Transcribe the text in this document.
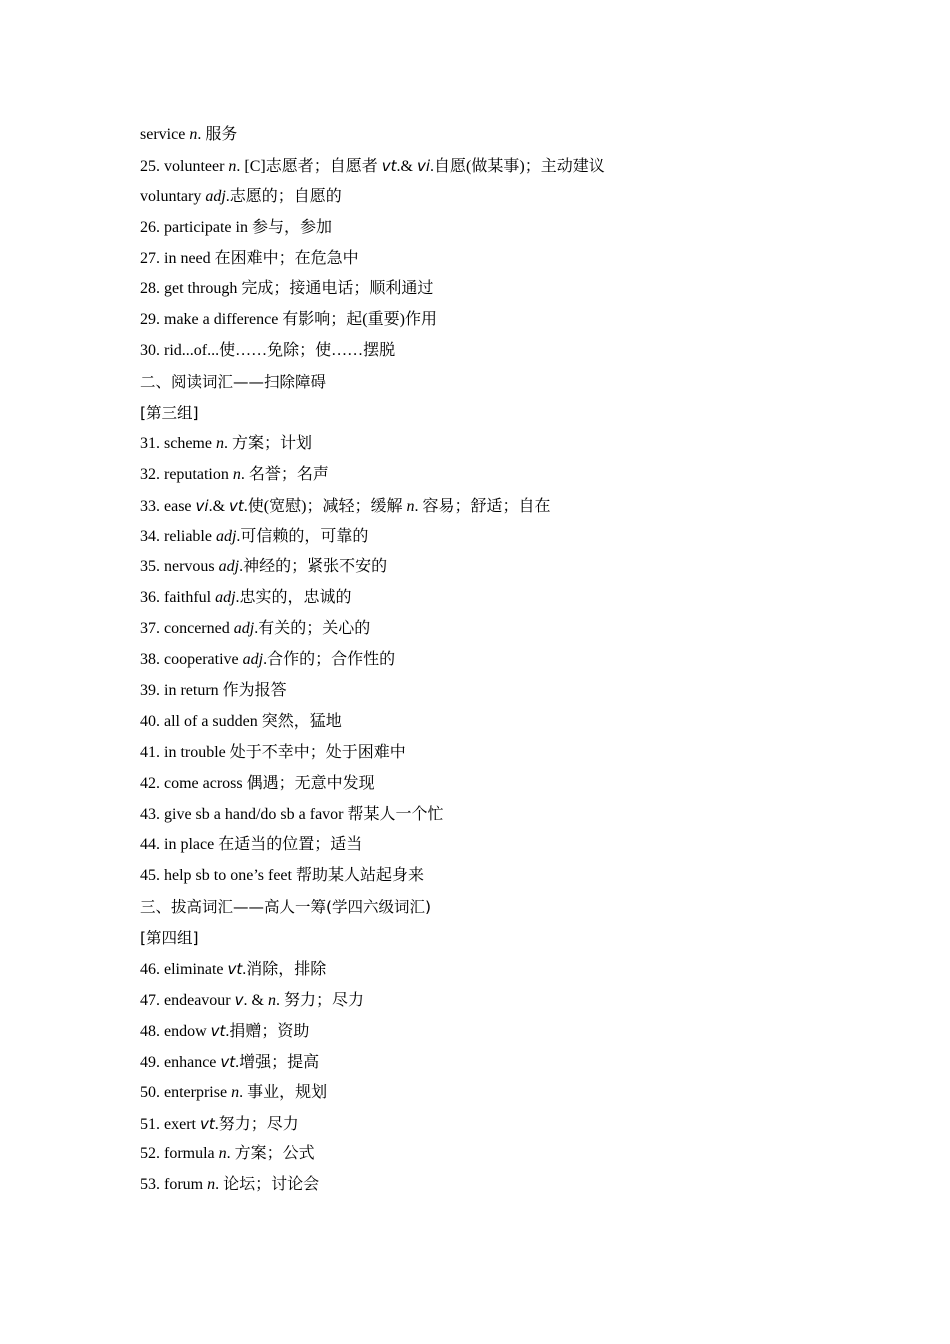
service n. 服务
25. volunteer n. [C]志愿者；自愿者 vt.& vi.自愿(做某事)；主动建议
voluntary adj.志愿的；自愿的
26. participate in 参与，参加
27. in need 在困难中；在危急中
28. get through 完成；接通电话；顺利通过
29. make a difference 有影响；起(重要)作用
30. rid...of...使……免除；使……摆脱
二、阅读词汇——扫除障碍
[第三组]
31. scheme n. 方案；计划
32. reputation n. 名誉；名声
33. ease vi.& vt.使(宽慰)；减轻；缓解 n. 容易；舒适；自在
34. reliable adj.可信赖的，可靠的
35. nervous adj.神经的；紧张不安的
36. faithful adj.忠实的，忠诚的
37. concerned adj.有关的；关心的
38. cooperative adj.合作的；合作性的
39. in return 作为报答
40. all of a sudden 突然，猛地
41. in trouble 处于不幸中；处于困难中
42. come across 偶遇；无意中发现
43. give sb a hand/do sb a favor 帮某人一个忙
44. in place 在适当的位置；适当
45. help sb to one’s feet 帮助某人站起身来
三、拔高词汇——高人一筹(学四六级词汇)
[第四组]
46. eliminate vt.消除，排除
47. endeavour v. & n. 努力；尽力
48. endow vt.捐赠；资助
49. enhance vt.增强；提高
50. enterprise n. 事业，规划
51. exert vt.努力；尽力
52. formula n. 方案；公式
53. forum n. 论坛；讨论会
